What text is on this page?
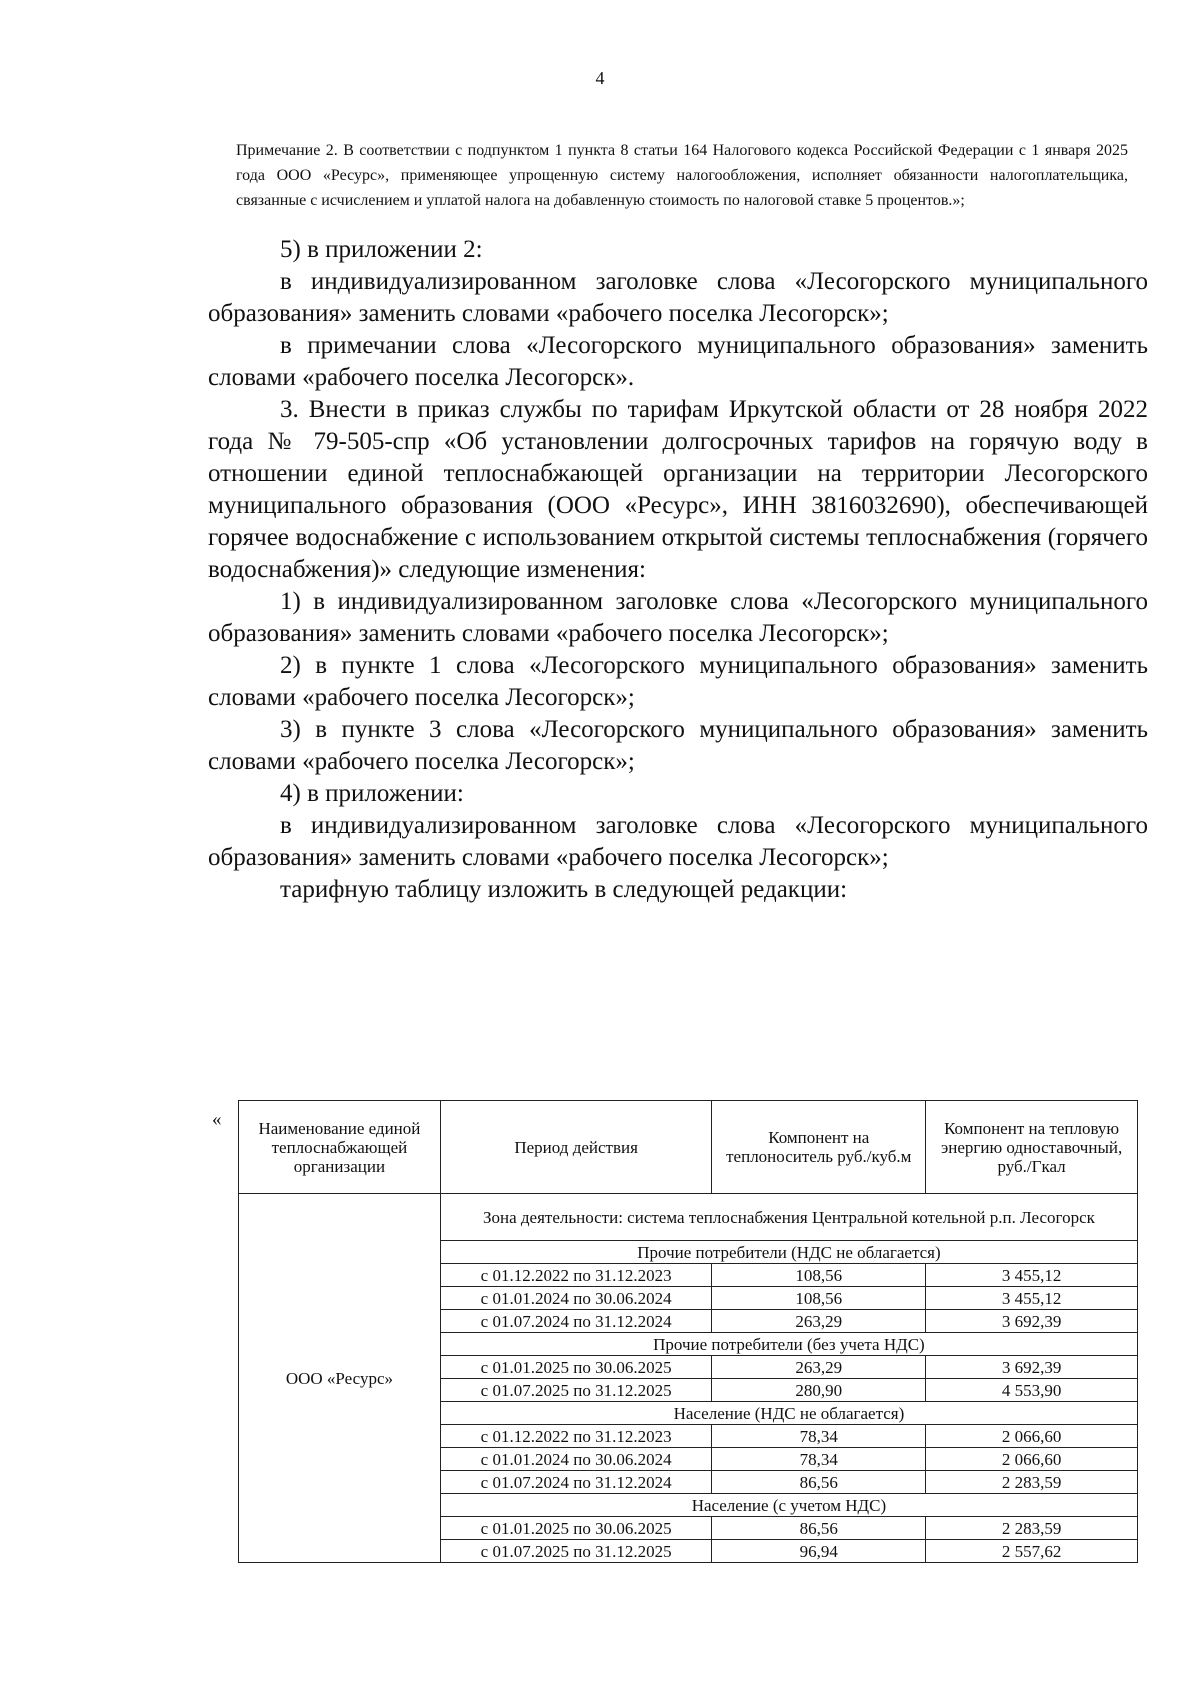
4
Примечание 2. В соответствии с подпунктом 1 пункта 8 статьи 164 Налогового кодекса Российской Федерации с 1 января 2025 года ООО «Ресурс», применяющее упрощенную систему налогообложения, исполняет обязанности налогоплательщика, связанные с исчислением и уплатой налога на добавленную стоимость по налоговой ставке 5 процентов.»;

5) в приложении 2:

в индивидуализированном заголовке слова «Лесогорского муниципального образования» заменить словами «рабочего поселка Лесогорск»;

в примечании слова «Лесогорского муниципального образования» заменить словами «рабочего поселка Лесогорск».

3. Внести в приказ службы по тарифам Иркутской области от 28 ноября 2022 года № 79-505-спр «Об установлении долгосрочных тарифов на горячую воду в отношении единой теплоснабжающей организации на территории Лесогорского муниципального образования (ООО «Ресурс», ИНН 3816032690), обеспечивающей горячее водоснабжение с использованием открытой системы теплоснабжения (горячего водоснабжения)» следующие изменения:

1) в индивидуализированном заголовке слова «Лесогорского муниципального образования» заменить словами «рабочего поселка Лесогорск»;

2) в пункте 1 слова «Лесогорского муниципального образования» заменить словами «рабочего поселка Лесогорск»;

3) в пункте 3 слова «Лесогорского муниципального образования» заменить словами «рабочего поселка Лесогорск»;

4) в приложении:

в индивидуализированном заголовке слова «Лесогорского муниципального образования» заменить словами «рабочего поселка Лесогорск»;

тарифную таблицу изложить в следующей редакции:

« Наименование единой теплоснабжающей организации	Период действия	Компонент на теплоноситель руб./куб.м	Компонент на тепловую энергию одноставочный, руб./Гкал
ООО «Ресурс»	Зона деятельности: система теплоснабжения Центральной котельной р.п. Лесогорск		
	Прочие потребители (НДС не облагается)		
	с 01.12.2022 по 31.12.2023	108,56	3 455,12
	с 01.01.2024 по 30.06.2024	108,56	3 455,12
	с 01.07.2024 по 31.12.2024	263,29	3 692,39
	Прочие потребители (без учета НДС)		
	с 01.01.2025 по 30.06.2025	263,29	3 692,39
	с 01.07.2025 по 31.12.2025	280,90	4 553,90
	Население (НДС не облагается)		
	с 01.12.2022 по 31.12.2023	78,34	2 066,60
	с 01.01.2024 по 30.06.2024	78,34	2 066,60
	с 01.07.2024 по 31.12.2024	86,56	2 283,59
	Население (с учетом НДС)		
	с 01.01.2025 по 30.06.2025	86,56	2 283,59
	с 01.07.2025 по 31.12.2025	96,94	2 557,62
